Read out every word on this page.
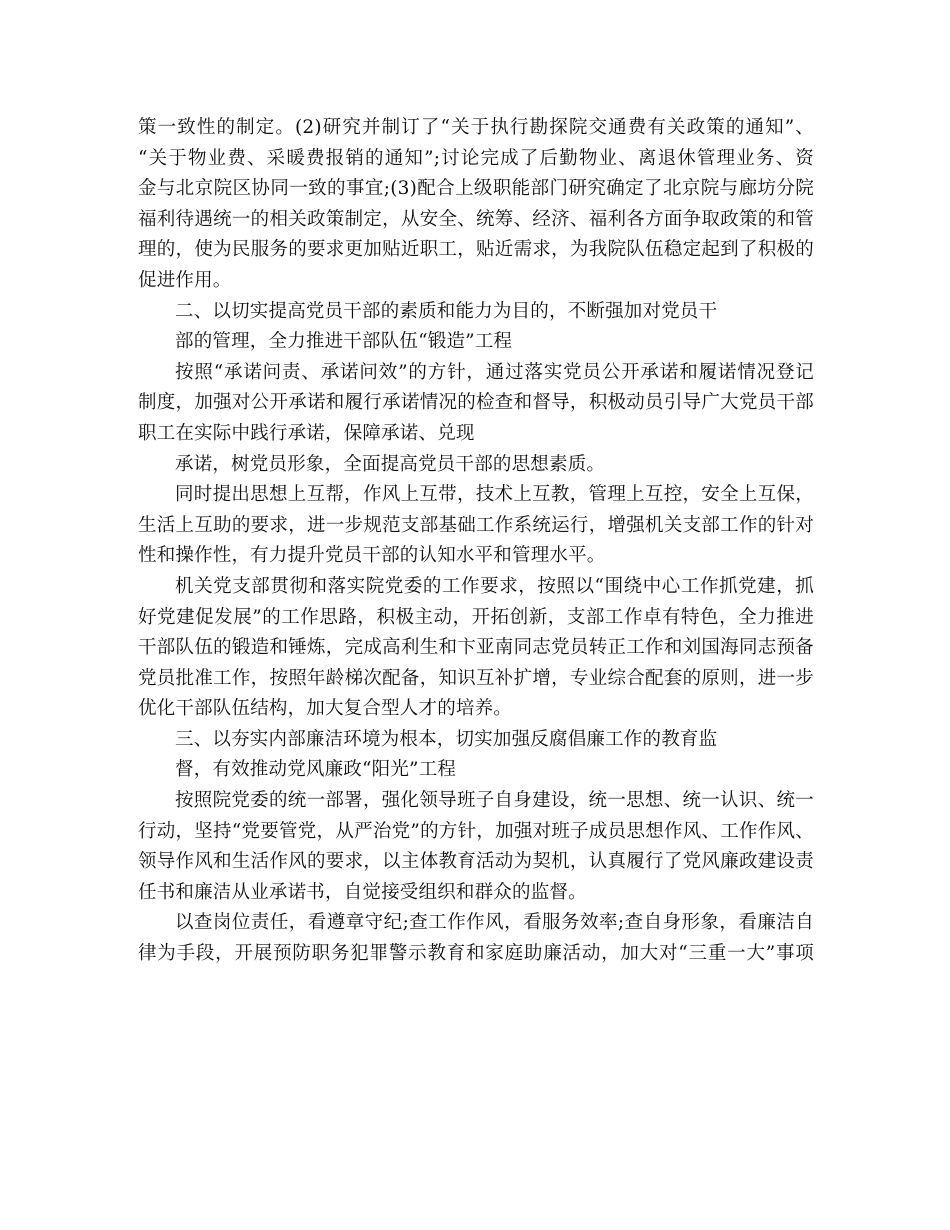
策一致性的制定。(2)研究并制订了“关于执行勘探院交通费有关政策的通知”、
“关于物业费、采暖费报销的通知”;讨论完成了后勤物业、离退休管理业务、资
金与北京院区协同一致的事宜;(3)配合上级职能部门研究确定了北京院与廊坊分院
福利待遇统一的相关政策制定，从安全、统筹、经济、福利各方面争取政策的和管
理的，使为民服务的要求更加贴近职工，贴近需求，为我院队伍稳定起到了积极的
促进作用。
二、以切实提高党员干部的素质和能力为目的，不断强加对党员干
部的管理，全力推进干部队伍“锻造”工程
按照“承诺问责、承诺问效”的方针，通过落实党员公开承诺和履诺情况登记
制度，加强对公开承诺和履行承诺情况的检查和督导，积极动员引导广大党员干部
职工在实际中践行承诺，保障承诺、兑现
承诺，树党员形象，全面提高党员干部的思想素质。
同时提出思想上互帮，作风上互带，技术上互教，管理上互控，安全上互保，
生活上互助的要求，进一步规范支部基础工作系统运行，增强机关支部工作的针对
性和操作性，有力提升党员干部的认知水平和管理水平。
机关党支部贯彻和落实院党委的工作要求，按照以“围绕中心工作抓党建，抓
好党建促发展”的工作思路，积极主动，开拓创新，支部工作卓有特色，全力推进
干部队伍的锻造和锤炼，完成高利生和卞亚南同志党员转正工作和刘国海同志预备
党员批准工作，按照年龄梯次配备，知识互补扩增，专业综合配套的原则，进一步
优化干部队伍结构，加大复合型人才的培养。
三、以夯实内部廉洁环境为根本，切实加强反腐倡廉工作的教育监
督，有效推动党风廉政“阳光”工程
按照院党委的统一部署，强化领导班子自身建设，统一思想、统一认识、统一
行动，坚持“党要管党，从严治党”的方针，加强对班子成员思想作风、工作作风、
领导作风和生活作风的要求，以主体教育活动为契机，认真履行了党风廉政建设责
任书和廉洁从业承诺书，自觉接受组织和群众的监督。
以查岗位责任，看遵章守纪;查工作作风，看服务效率;查自身形象，看廉洁自
律为手段，开展预防职务犯罪警示教育和家庭助廉活动，加大对“三重一大”事项
